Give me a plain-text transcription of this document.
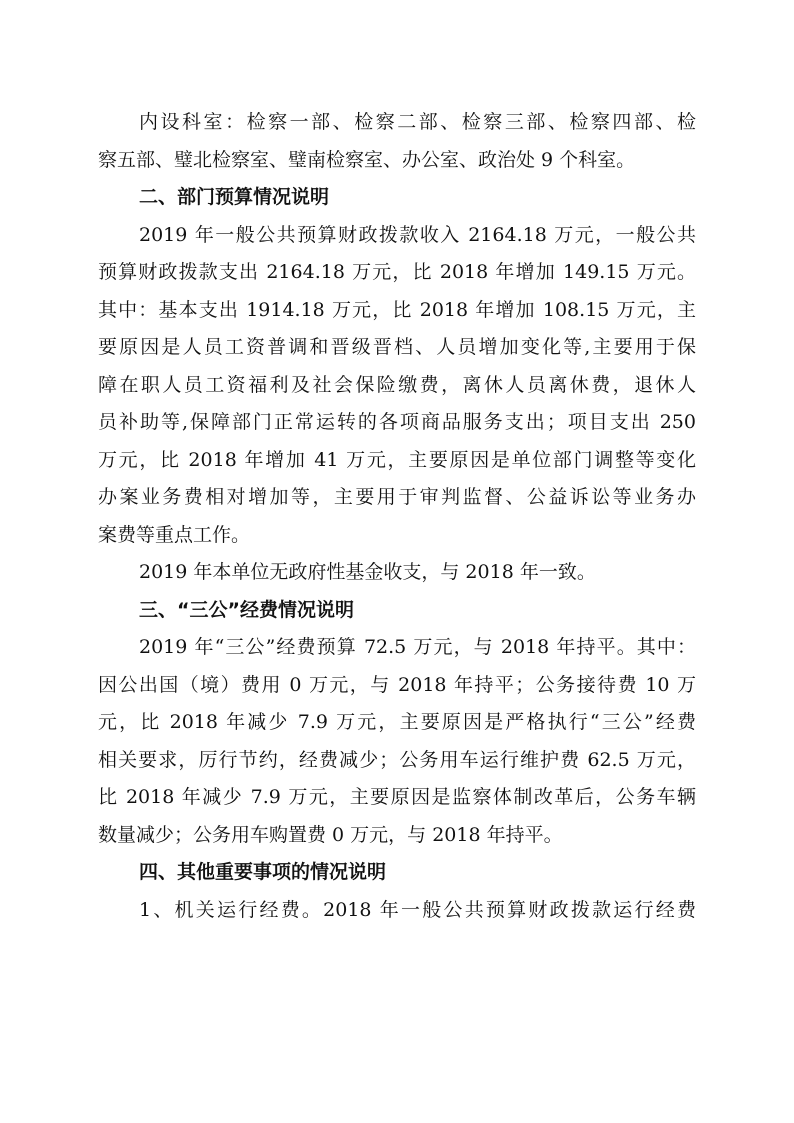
内设科室：检察一部、检察二部、检察三部、检察四部、检
察五部、璧北检察室、璧南检察室、办公室、政治处 9 个科室。
二、部门预算情况说明
2019 年一般公共预算财政拨款收入 2164.18 万元，一般公共
预算财政拨款支出 2164.18 万元，比 2018 年增加 149.15 万元。
其中：基本支出 1914.18 万元，比 2018 年增加 108.15 万元，主
要原因是人员工资普调和晋级晋档、人员增加变化等,主要用于保
障在职人员工资福利及社会保险缴费，离休人员离休费，退休人
员补助等,保障部门正常运转的各项商品服务支出；项目支出 250
万元，比 2018 年增加 41 万元，主要原因是单位部门调整等变化
办案业务费相对增加等，主要用于审判监督、公益诉讼等业务办
案费等重点工作。
2019 年本单位无政府性基金收支，与 2018 年一致。
三、“三公”经费情况说明
2019 年“三公”经费预算 72.5 万元，与 2018 年持平。其中：
因公出国（境）费用 0 万元，与 2018 年持平；公务接待费 10 万
元，比 2018 年减少 7.9 万元，主要原因是严格执行“三公”经费
相关要求，厉行节约，经费减少；公务用车运行维护费 62.5 万元，
比 2018 年减少 7.9 万元，主要原因是监察体制改革后，公务车辆
数量减少；公务用车购置费 0 万元，与 2018 年持平。
四、其他重要事项的情况说明
1、机关运行经费。2018 年一般公共预算财政拨款运行经费
